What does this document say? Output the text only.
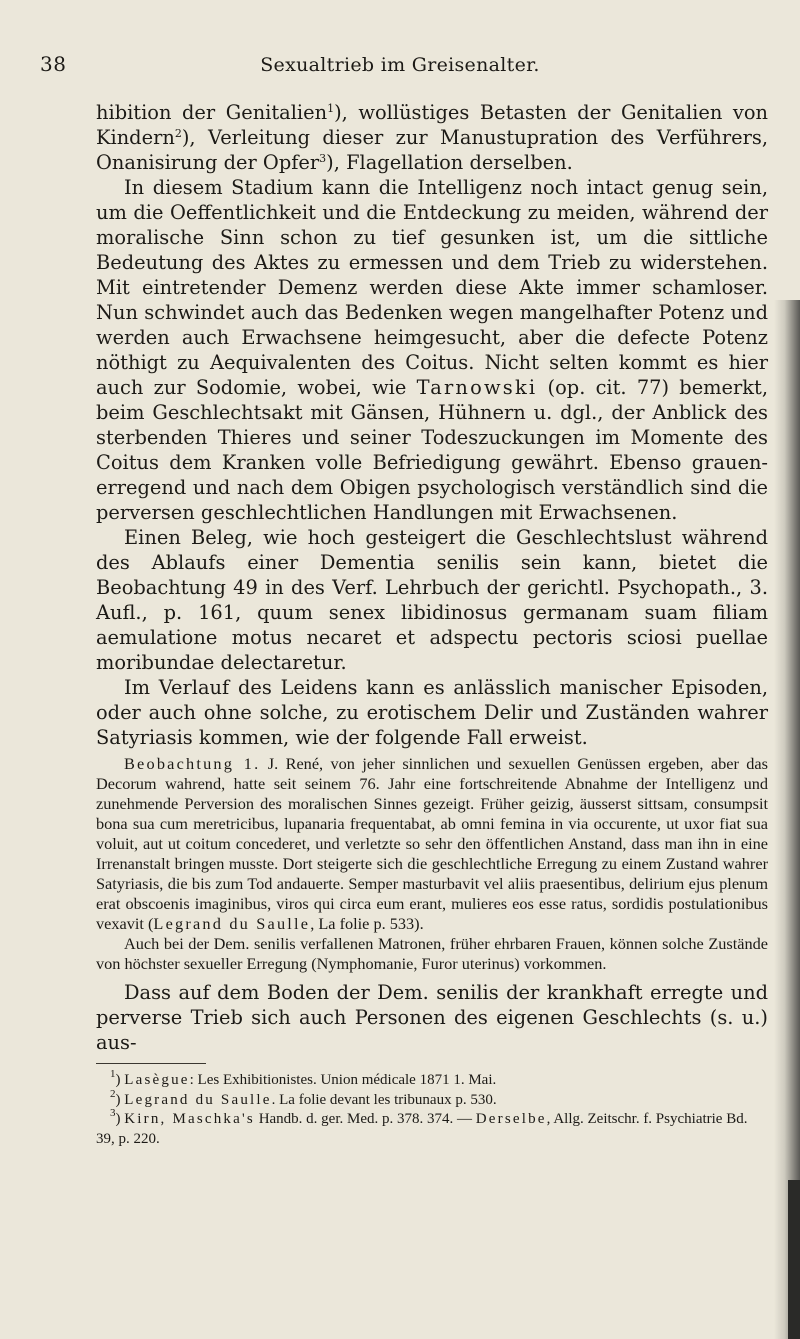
38	Sexualtrieb im Greisenalter.

hibition der Genitalien$^1$), wollüstiges Betasten der Genitalien von Kindern$^2$), Verleitung dieser zur Manustupration des Verführers, Onanisirung der Opfer$^3$), Flagellation derselben.

In diesem Stadium kann die Intelligenz noch intact genug sein, um die Oeffentlichkeit und die Entdeckung zu meiden, während der moralische Sinn schon zu tief gesunken ist, um die sittliche Bedeutung des Aktes zu ermessen und dem Trieb zu widerstehen. Mit eintretender Demenz werden diese Akte immer schamloser. Nun schwindet auch das Bedenken wegen mangelhafter Potenz und werden auch Erwachsene heimgesucht, aber die defecte Potenz nöthigt zu Aequivalenten des Coitus. Nicht selten kommt es hier auch zur Sodomie, wobei, wie Tarnowski (op. cit. 77) bemerkt, beim Geschlechtsakt mit Gänsen, Hühnern u. dgl., der Anblick des sterbenden Thieres und seiner Todeszuckungen im Momente des Coitus dem Kranken volle Befriedigung gewährt. Ebenso grauen-erregend und nach dem Obigen psychologisch verständlich sind die perversen geschlechtlichen Handlungen mit Erwachsenen.

Einen Beleg, wie hoch gesteigert die Geschlechtslust während des Ablaufs einer Dementia senilis sein kann, bietet die Beobachtung 49 in des Verf. Lehrbuch der gerichtl. Psychopath., 3. Aufl., p. 161, quum senex libidinosus germanam suam filiam aemulatione motus necaret et adspectu pectoris sciosi puellae moribundae delectaretur.

Im Verlauf des Leidens kann es anlässlich manischer Episoden, oder auch ohne solche, zu erotischem Delir und Zuständen wahrer Satyriasis kommen, wie der folgende Fall erweist.

Beobachtung 1. J. René, von jeher sinnlichen und sexuellen Genüssen ergeben, aber das Decorum wahrend, hatte seit seinem 76. Jahr eine fortschreitende Abnahme der Intelligenz und zunehmende Perversion des moralischen Sinnes gezeigt. Früher geizig, äusserst sittsam, consumpsit bona sua cum meretricibus, lupanaria frequentabat, ab omni femina in via occurente, ut uxor fiat sua voluit, aut ut coitum concederet, und verletzte so sehr den öffentlichen Anstand, dass man ihn in eine Irrenanstalt bringen musste. Dort steigerte sich die geschlechtliche Erregung zu einem Zustand wahrer Satyriasis, die bis zum Tod andauerte. Semper masturbavit vel aliis praesentibus, delirium ejus plenum erat obscoenis imaginibus, viros qui circa eum erant, mulieres eos esse ratus, sordidis postulationibus vexavit (Legrand du Saulle, La folie p. 533).

Auch bei der Dem. senilis verfallenen Matronen, früher ehrbaren Frauen, können solche Zustände von höchster sexueller Erregung (Nymphomanie, Furor uterinus) vorkommen.

Dass auf dem Boden der Dem. senilis der krankhaft erregte und perverse Trieb sich auch Personen des eigenen Geschlechts (s. u.) aus-

$^1$) Lasègue: Les Exhibitionistes. Union médicale 1871 1. Mai.

$^2$) Legrand du Saulle. La folie devant les tribunaux p. 530.

$^3$) Kirn, Maschka's Handb. d. ger. Med. p. 378. 374. — Derselbe, Allg. Zeitschr. f. Psychiatrie Bd. 39, p. 220.
